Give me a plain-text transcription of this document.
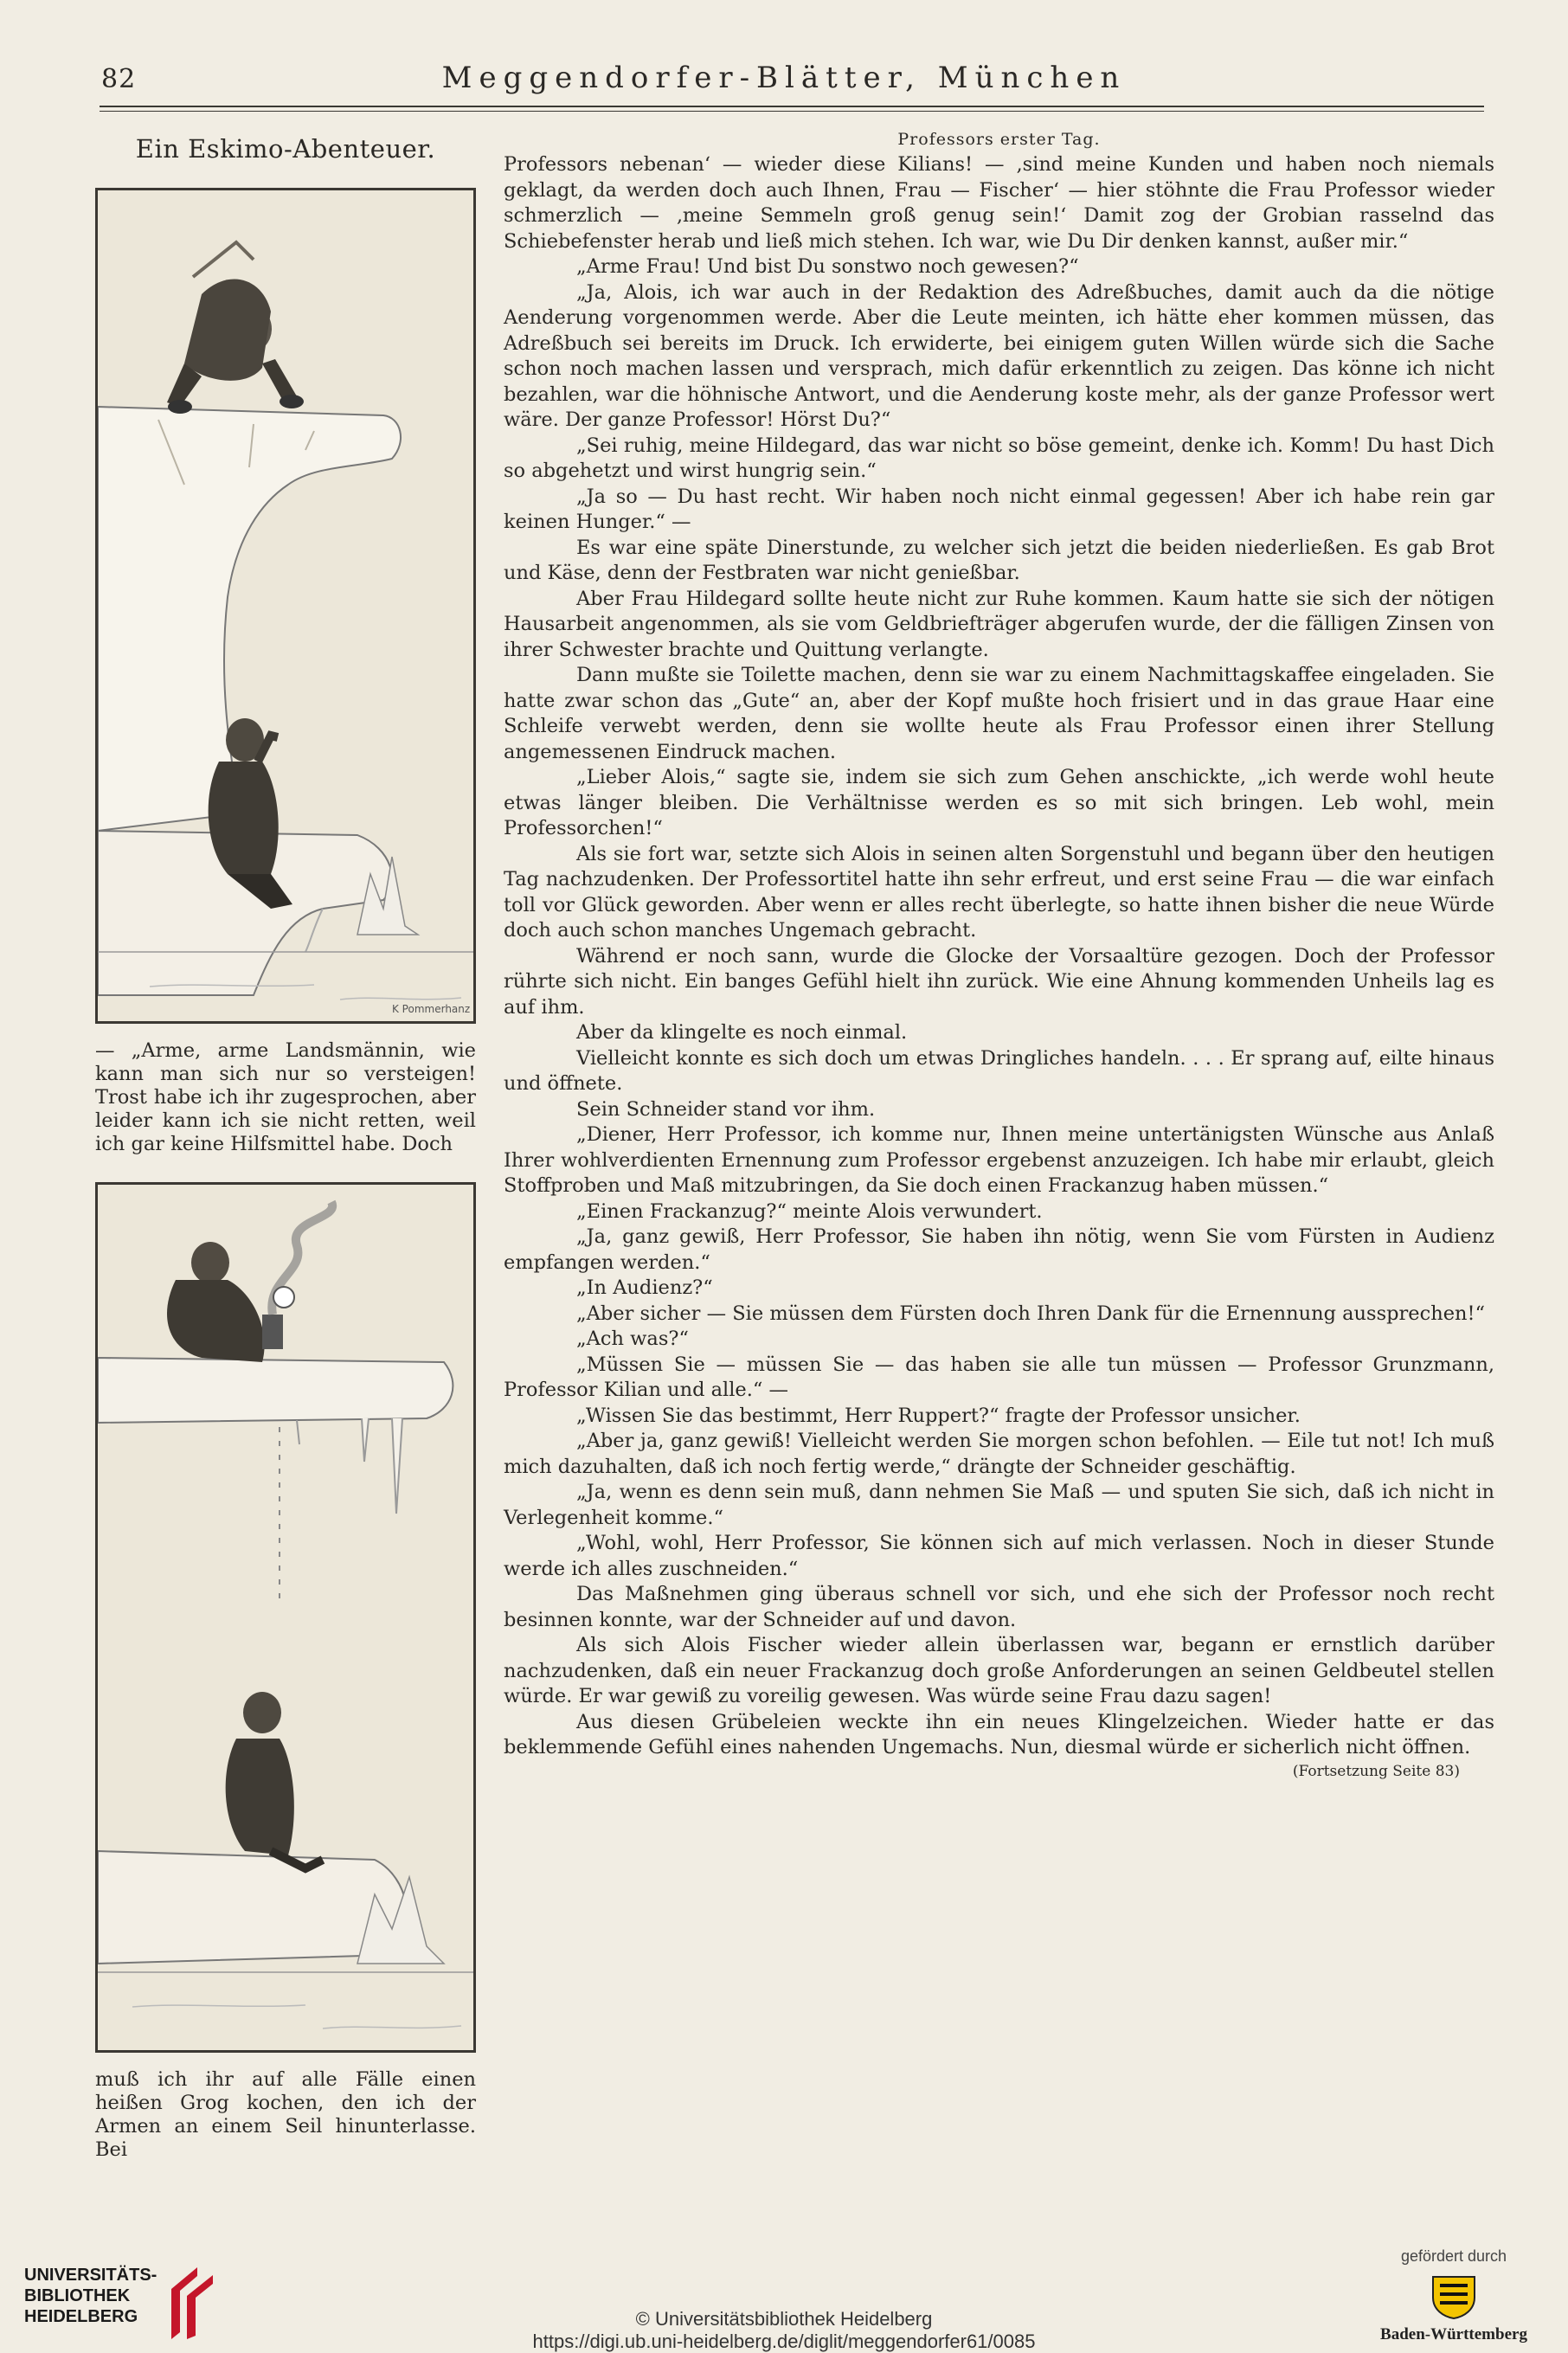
82	Meggendorfer-Blätter, München
Ein Eskimo-Abenteuer.
K Pommerhanz

— „Arme, arme Landsmännin, wie kann man sich nur so versteigen! Trost habe ich ihr zugesprochen, aber leider kann ich sie nicht retten, weil ich gar keine Hilfsmittel habe. Doch

muß ich ihr auf alle Fälle einen heißen Grog kochen, den ich der Armen an einem Seil hinunterlasse. Bei

Professors erster Tag.

Professors nebenan‘ — wieder diese Kilians! — ‚sind meine Kunden und haben noch niemals geklagt, da werden doch auch Ihnen, Frau — Fischer‘ — hier stöhnte die Frau Professor wieder schmerzlich — ‚meine Semmeln groß genug sein!‘ Damit zog der Grobian rasselnd das Schiebefenster herab und ließ mich stehen. Ich war, wie Du Dir denken kannst, außer mir.“

„Arme Frau! Und bist Du sonstwo noch gewesen?“

„Ja, Alois, ich war auch in der Redaktion des Adreßbuches, damit auch da die nötige Aenderung vorgenommen werde. Aber die Leute meinten, ich hätte eher kommen müssen, das Adreßbuch sei bereits im Druck. Ich erwiderte, bei einigem guten Willen würde sich die Sache schon noch machen lassen und versprach, mich dafür erkenntlich zu zeigen. Das könne ich nicht bezahlen, war die höhnische Antwort, und die Aenderung koste mehr, als der ganze Professor wert wäre. Der ganze Professor! Hörst Du?“

„Sei ruhig, meine Hildegard, das war nicht so böse gemeint, denke ich. Komm! Du hast Dich so abgehetzt und wirst hungrig sein.“

„Ja so — Du hast recht. Wir haben noch nicht einmal gegessen! Aber ich habe rein gar keinen Hunger.“ —

Es war eine späte Dinerstunde, zu welcher sich jetzt die beiden niederließen. Es gab Brot und Käse, denn der Festbraten war nicht genießbar.

Aber Frau Hildegard sollte heute nicht zur Ruhe kommen. Kaum hatte sie sich der nötigen Hausarbeit angenommen, als sie vom Geldbriefträger abgerufen wurde, der die fälligen Zinsen von ihrer Schwester brachte und Quittung verlangte.

Dann mußte sie Toilette machen, denn sie war zu einem Nachmittagskaffee eingeladen. Sie hatte zwar schon das „Gute“ an, aber der Kopf mußte hoch frisiert und in das graue Haar eine Schleife verwebt werden, denn sie wollte heute als Frau Professor einen ihrer Stellung angemessenen Eindruck machen.

„Lieber Alois,“ sagte sie, indem sie sich zum Gehen anschickte, „ich werde wohl heute etwas länger bleiben. Die Verhältnisse werden es so mit sich bringen. Leb wohl, mein Professorchen!“

Als sie fort war, setzte sich Alois in seinen alten Sorgenstuhl und begann über den heutigen Tag nachzudenken. Der Professortitel hatte ihn sehr erfreut, und erst seine Frau — die war einfach toll vor Glück geworden. Aber wenn er alles recht überlegte, so hatte ihnen bisher die neue Würde doch auch schon manches Ungemach gebracht.

Während er noch sann, wurde die Glocke der Vorsaaltüre gezogen. Doch der Professor rührte sich nicht. Ein banges Gefühl hielt ihn zurück. Wie eine Ahnung kommenden Unheils lag es auf ihm.

Aber da klingelte es noch einmal.

Vielleicht konnte es sich doch um etwas Dringliches handeln. . . . Er sprang auf, eilte hinaus und öffnete.

Sein Schneider stand vor ihm.

„Diener, Herr Professor, ich komme nur, Ihnen meine untertänigsten Wünsche aus Anlaß Ihrer wohlverdienten Ernennung zum Professor ergebenst anzuzeigen. Ich habe mir erlaubt, gleich Stoffproben und Maß mitzubringen, da Sie doch einen Frackanzug haben müssen.“

„Einen Frackanzug?“ meinte Alois verwundert.

„Ja, ganz gewiß, Herr Professor, Sie haben ihn nötig, wenn Sie vom Fürsten in Audienz empfangen werden.“

„In Audienz?“

„Aber sicher — Sie müssen dem Fürsten doch Ihren Dank für die Ernennung aussprechen!“

„Ach was?“

„Müssen Sie — müssen Sie — das haben sie alle tun müssen — Professor Grunzmann, Professor Kilian und alle.“ —

„Wissen Sie das bestimmt, Herr Ruppert?“ fragte der Professor unsicher.

„Aber ja, ganz gewiß! Vielleicht werden Sie morgen schon befohlen. — Eile tut not! Ich muß mich dazuhalten, daß ich noch fertig werde,“ drängte der Schneider geschäftig.

„Ja, wenn es denn sein muß, dann nehmen Sie Maß — und sputen Sie sich, daß ich nicht in Verlegenheit komme.“

„Wohl, wohl, Herr Professor, Sie können sich auf mich verlassen. Noch in dieser Stunde werde ich alles zuschneiden.“

Das Maßnehmen ging überaus schnell vor sich, und ehe sich der Professor noch recht besinnen konnte, war der Schneider auf und davon.

Als sich Alois Fischer wieder allein überlassen war, begann er ernstlich darüber nachzudenken, daß ein neuer Frackanzug doch große Anforderungen an seinen Geldbeutel stellen würde. Er war gewiß zu voreilig gewesen. Was würde seine Frau dazu sagen!

Aus diesen Grübeleien weckte ihn ein neues Klingelzeichen. Wieder hatte er das beklemmende Gefühl eines nahenden Ungemachs. Nun, diesmal würde er sicherlich nicht öffnen.

(Fortsetzung Seite 83)
UNIVERSITÄTS-
BIBLIOTHEK
HEIDELBERG	© Universitätsbibliothek Heidelberg
https://digi.ub.uni-heidelberg.de/diglit/meggendorfer61/0085
gefördert durch
Baden-Württemberg
